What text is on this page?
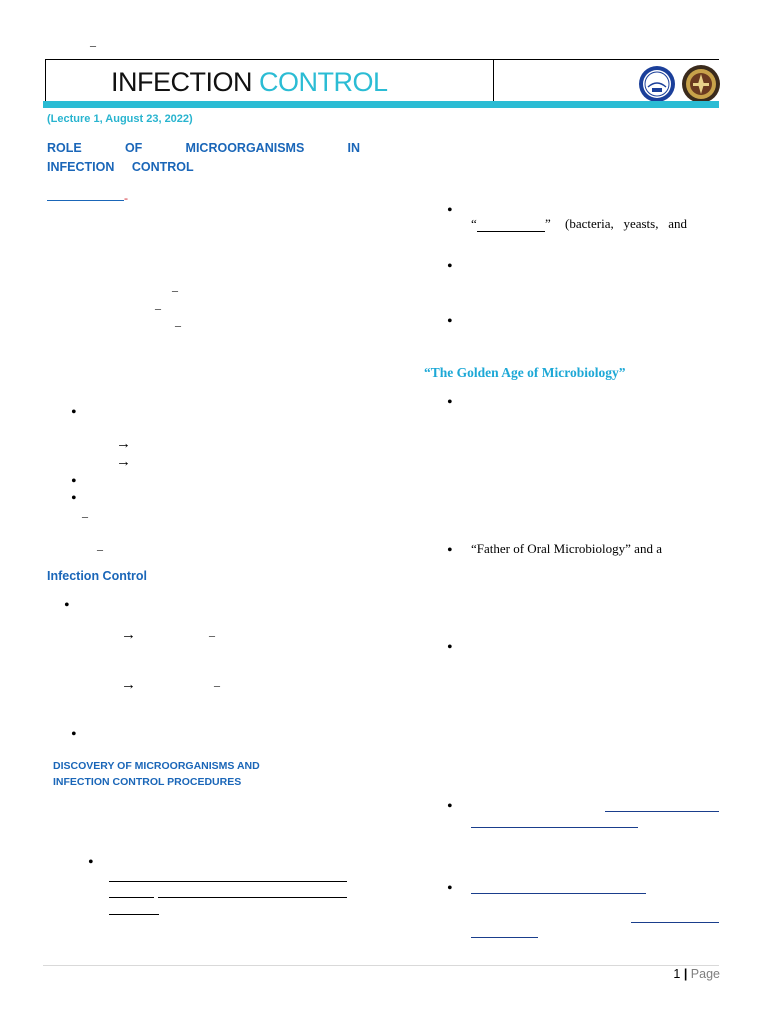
–
INFECTION CONTROL
(Lecture 1, August 23, 2022)
ROLE OF MICROORGANISMS IN INFECTION CONTROL
-
–
–
–
•
→
→
•
•
–
–
Infection Control
•
→	–
→	–
•
DISCOVERY OF MICROORGANISMS AND
INFECTION CONTROL PROCEDURES
•
•
“	” (bacteria,   yeasts,   and
•
•
“The Golden Age of Microbiology”
•
• “Father of Oral Microbiology” and a
•
•
•
1 | Page
